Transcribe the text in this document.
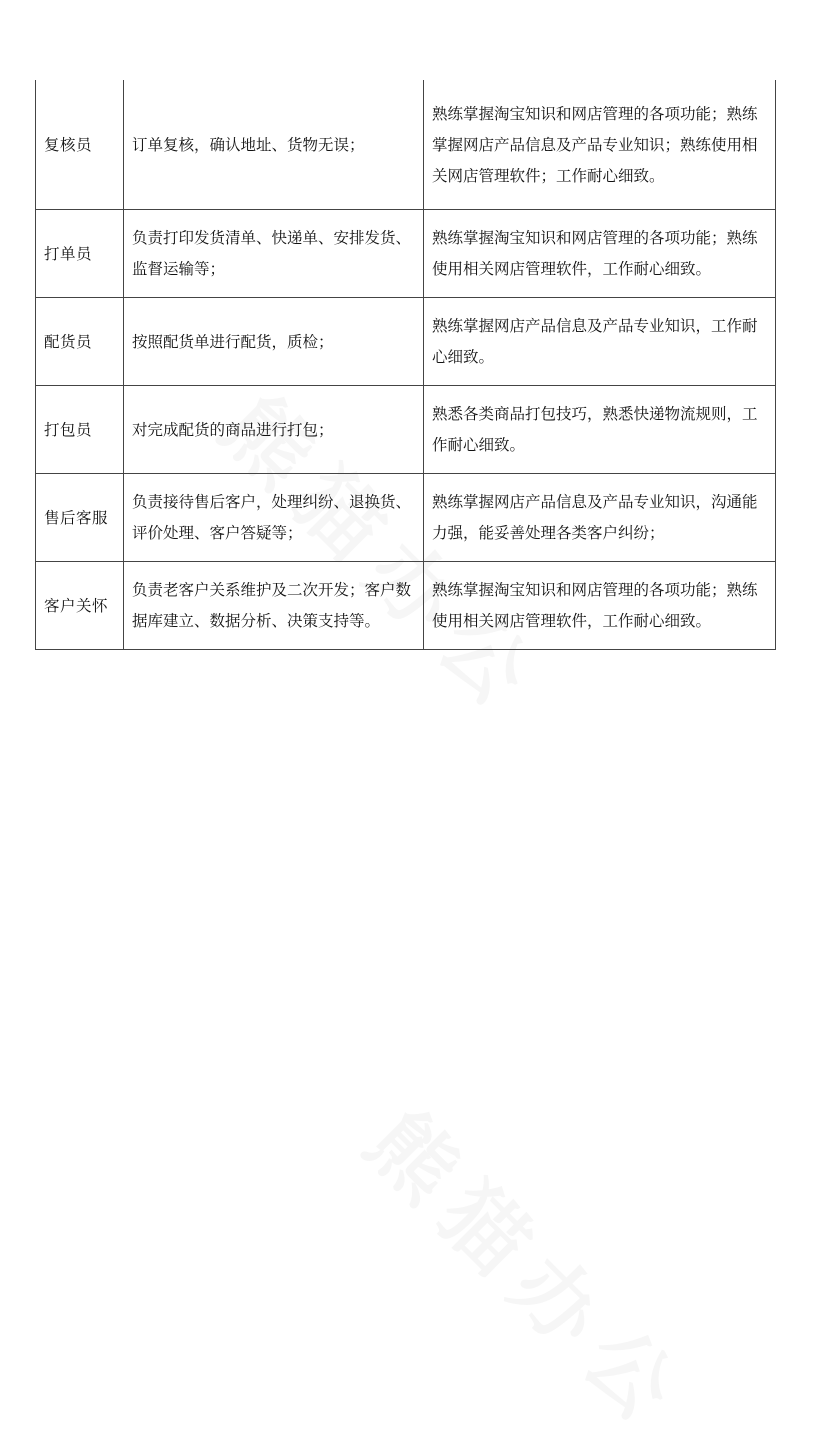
复核员	订单复核，确认地址、货物无误；	熟练掌握淘宝知识和网店管理的各项功能；熟练掌握网店产品信息及产品专业知识；熟练使用相关网店管理软件；工作耐心细致。
打单员	负责打印发货清单、快递单、安排发货、监督运输等；	熟练掌握淘宝知识和网店管理的各项功能；熟练使用相关网店管理软件，工作耐心细致。
配货员	按照配货单进行配货，质检；	熟练掌握网店产品信息及产品专业知识，工作耐心细致。
打包员	对完成配货的商品进行打包；	熟悉各类商品打包技巧，熟悉快递物流规则，工作耐心细致。
售后客服	负责接待售后客户，处理纠纷、退换货、评价处理、客户答疑等；	熟练掌握网店产品信息及产品专业知识，沟通能力强，能妥善处理各类客户纠纷；
客户关怀	负责老客户关系维护及二次开发；客户数据库建立、数据分析、决策支持等。	熟练掌握淘宝知识和网店管理的各项功能；熟练使用相关网店管理软件，工作耐心细致。
